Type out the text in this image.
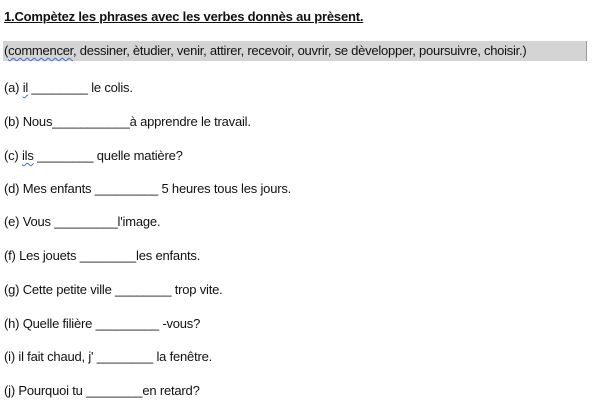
1.Compètez les phrases avec les verbes donnès au prèsent.
(commencer, dessiner, ètudier, venir, attirer, recevoir, ouvrir, se dèvelopper, poursuivre, choisir.)
(a) il ________ le colis.
(b) Nous___________à apprendre le travail.
(c) ils ________ quelle matière?
(d) Mes enfants _________ 5 heures tous les jours.
(e) Vous _________l'image.
(f) Les jouets ________les enfants.
(g) Cette petite ville ________ trop vite.
(h) Quelle filière _________ -vous?
(i) il fait chaud, j' ________ la fenêtre.
(j) Pourquoi tu ________en retard?
